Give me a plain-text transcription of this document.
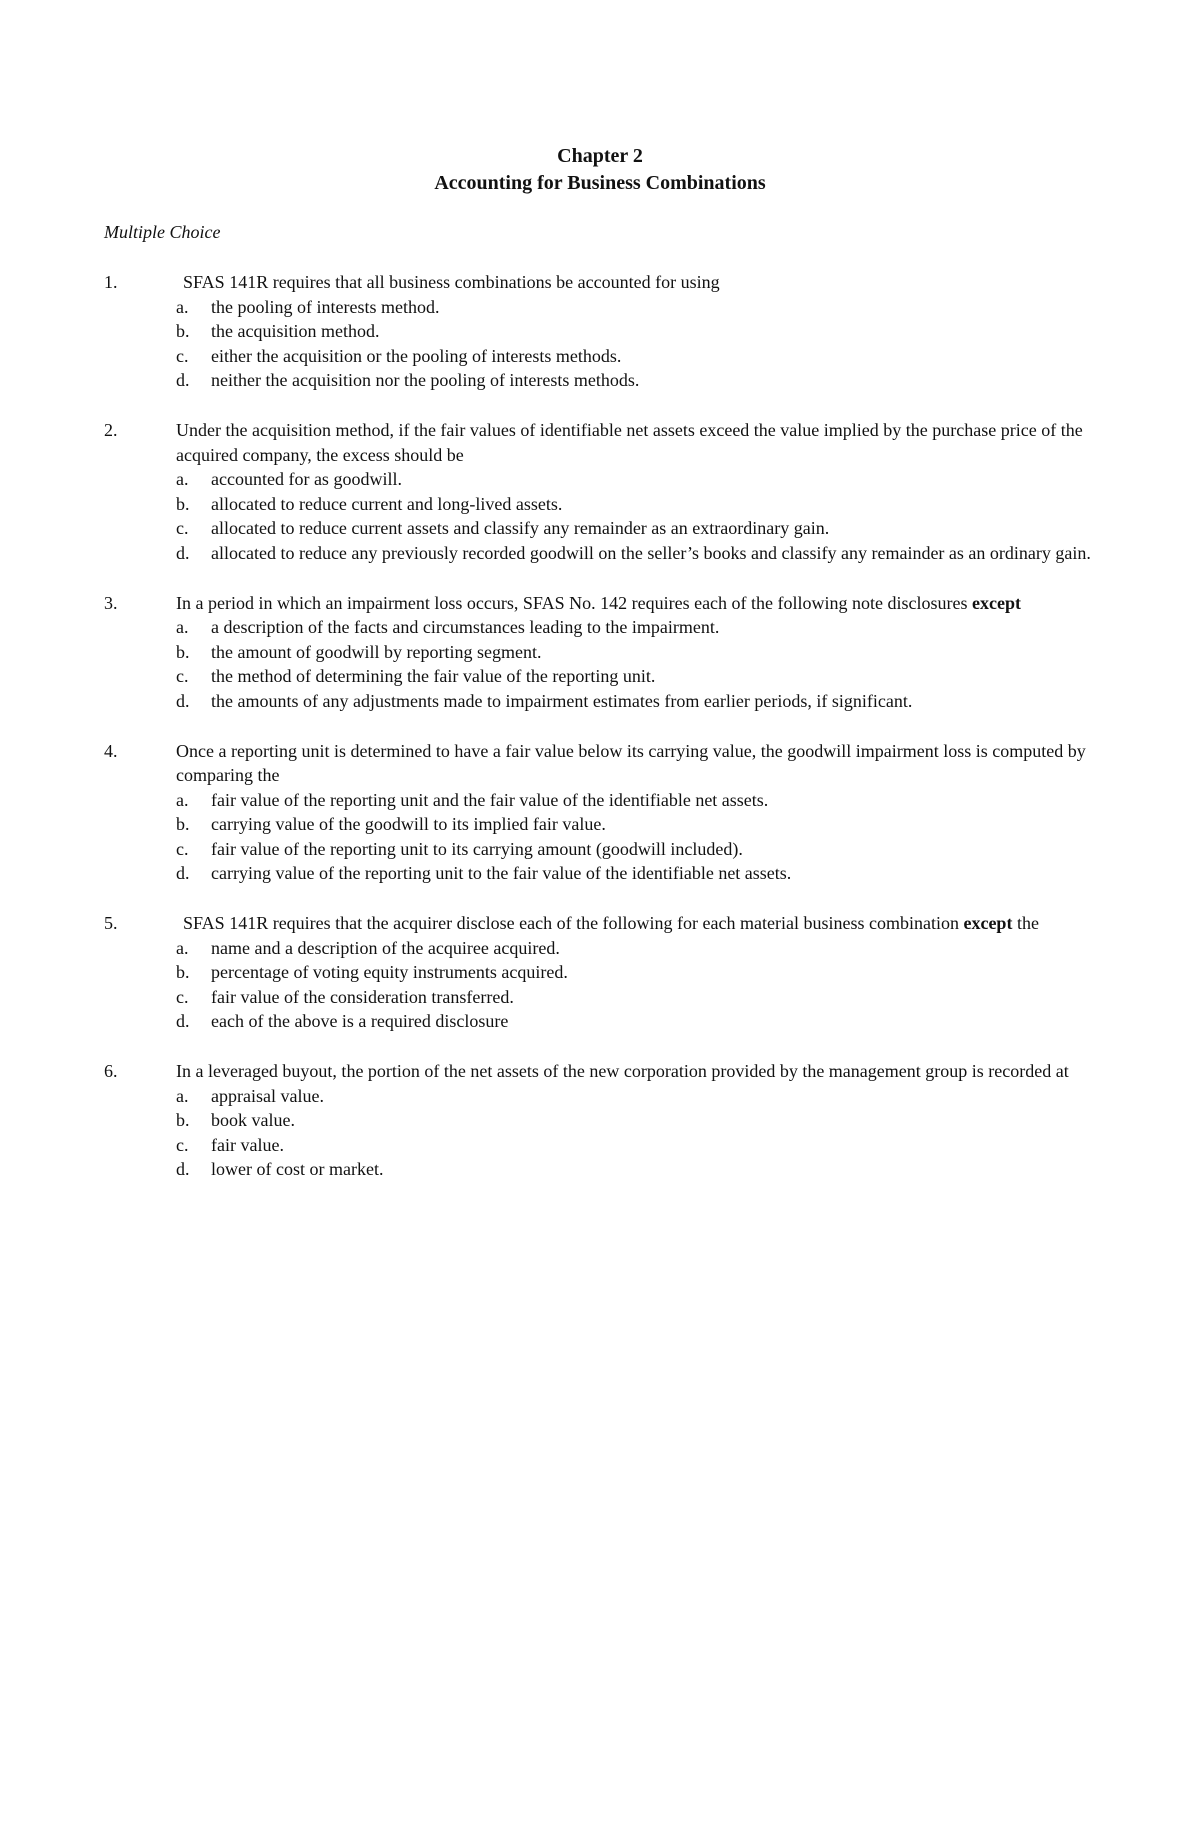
Chapter 2
Accounting for Business Combinations
Multiple Choice
1.	SFAS 141R requires that all business combinations be accounted for using
a.	the pooling of interests method.
b.	the acquisition method.
c.	either the acquisition or the pooling of interests methods.
d.	neither the acquisition nor the pooling of interests methods.
2.	Under the acquisition method, if the fair values of identifiable net assets exceed the value implied by the purchase price of the acquired company, the excess should be
a.	accounted for as goodwill.
b.	allocated to reduce current and long-lived assets.
c.	allocated to reduce current assets and classify any remainder as an extraordinary gain.
d.	allocated to reduce any previously recorded goodwill on the seller’s books and classify any remainder as an ordinary gain.
3.	In a period in which an impairment loss occurs, SFAS No. 142 requires each of the following note disclosures except
a.	a description of the facts and circumstances leading to the impairment.
b.	the amount of goodwill by reporting segment.
c.	the method of determining the fair value of the reporting unit.
d.	the amounts of any adjustments made to impairment estimates from earlier periods, if significant.
4.	Once a reporting unit is determined to have a fair value below its carrying value, the goodwill impairment loss is computed by comparing the
a.	fair value of the reporting unit and the fair value of the identifiable net assets.
b.	carrying value of the goodwill to its implied fair value.
c.	fair value of the reporting unit to its carrying amount (goodwill included).
d.	carrying value of the reporting unit to the fair value of the identifiable net assets.
5.	SFAS 141R requires that the acquirer disclose each of the following for each material business combination except the
a.	name and a description of the acquiree acquired.
b.	percentage of voting equity instruments acquired.
c.	fair value of the consideration transferred.
d.	each of the above is a required disclosure
6.	In a leveraged buyout, the portion of the net assets of the new corporation provided by the management group is recorded at
a.	appraisal value.
b.	book value.
c.	fair value.
d.	lower of cost or market.
